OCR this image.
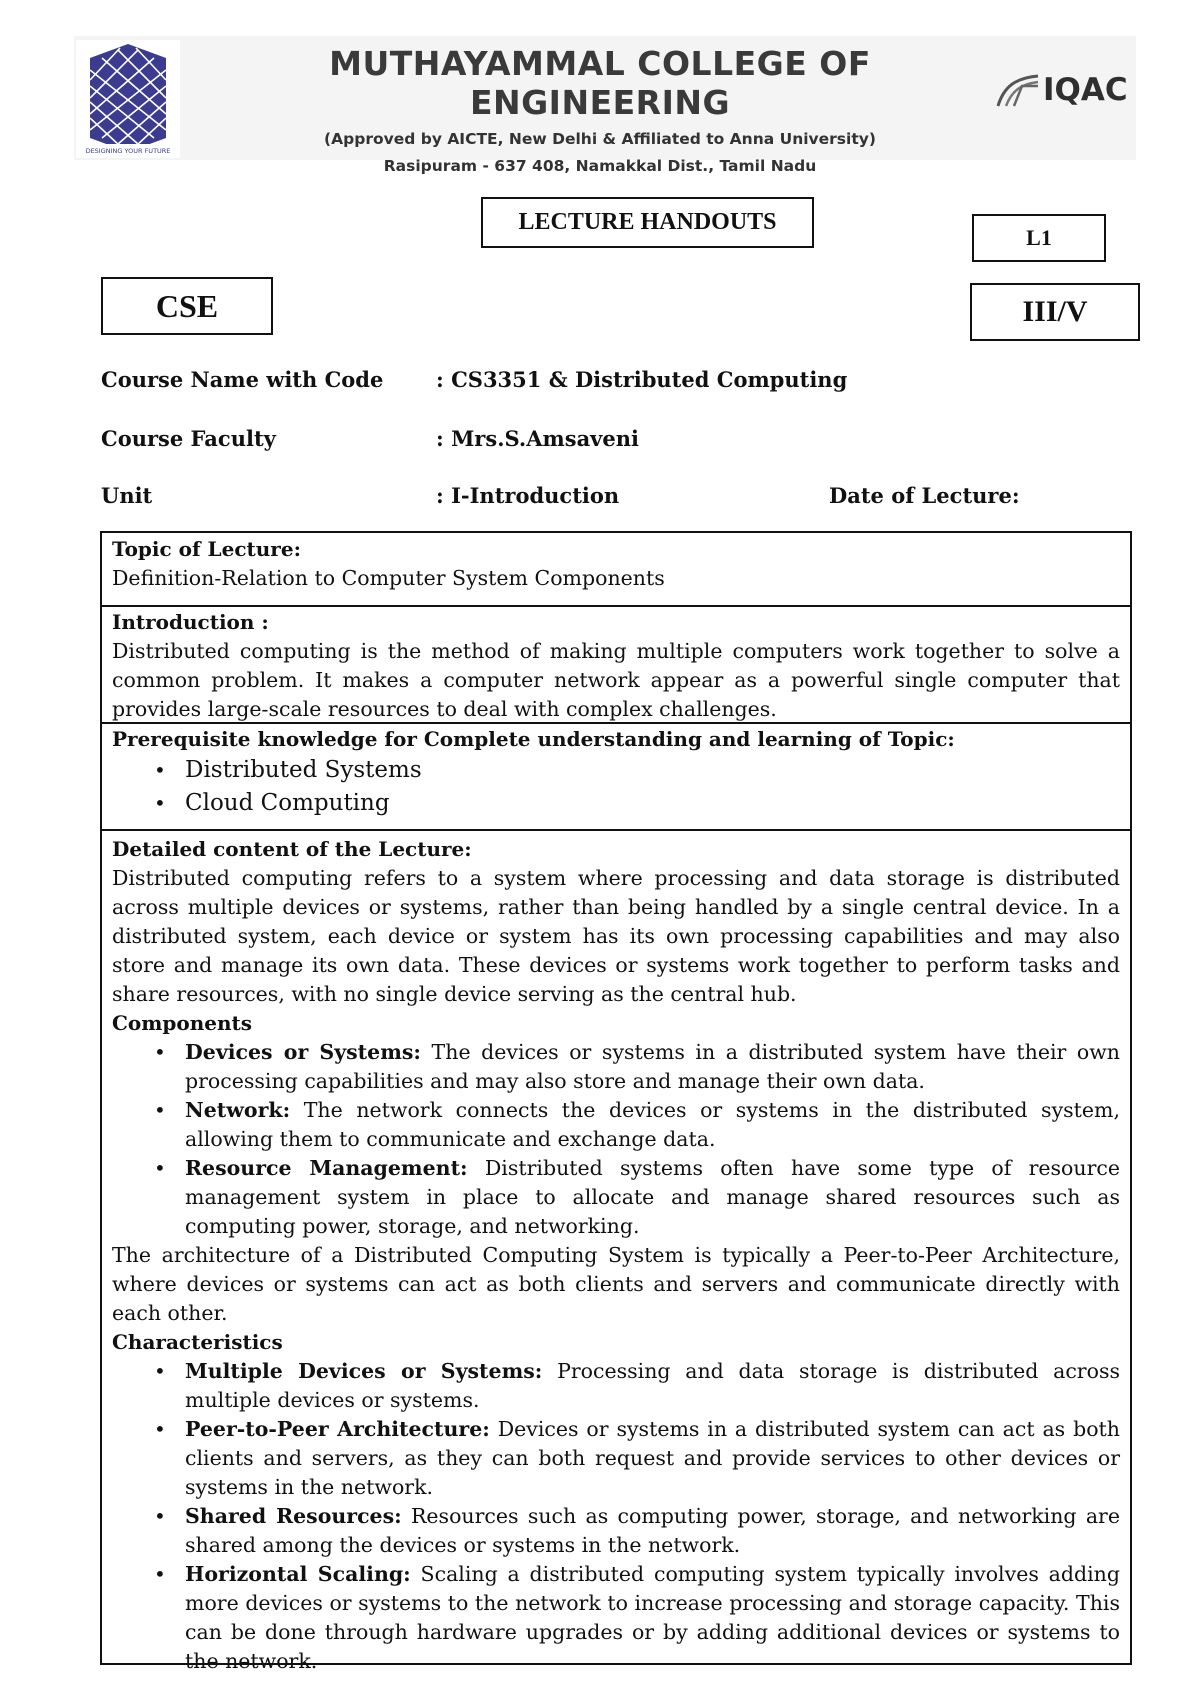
DESIGNING YOUR FUTURE
MUTHAYAMMAL COLLEGE OF ENGINEERING
(Approved by AICTE, New Delhi & Affiliated to Anna University)
Rasipuram - 637 408, Namakkal Dist., Tamil Nadu
IQAC
LECTURE HANDOUTS
L1
CSE	III/V
Course Name with Code	: CS3351 & Distributed Computing
Course Faculty	: Mrs.S.Amsaveni
Unit	: I-Introduction	Date of Lecture:
Topic of Lecture:
Definition-Relation to Computer System Components
Introduction :
Distributed computing is the method of making multiple computers work together to solve a common problem. It makes a computer network appear as a powerful single computer that provides large-scale resources to deal with complex challenges.
Prerequisite knowledge for Complete understanding and learning of Topic:
• Distributed Systems
• Cloud Computing
Detailed content of the Lecture:
Distributed computing refers to a system where processing and data storage is distributed across multiple devices or systems, rather than being handled by a single central device. In a distributed system, each device or system has its own processing capabilities and may also store and manage its own data. These devices or systems work together to perform tasks and share resources, with no single device serving as the central hub.
Components
• Devices or Systems: The devices or systems in a distributed system have their own processing capabilities and may also store and manage their own data.
• Network: The network connects the devices or systems in the distributed system, allowing them to communicate and exchange data.
• Resource Management: Distributed systems often have some type of resource management system in place to allocate and manage shared resources such as computing power, storage, and networking.
The architecture of a Distributed Computing System is typically a Peer-to-Peer Architecture, where devices or systems can act as both clients and servers and communicate directly with each other.
Characteristics
• Multiple Devices or Systems: Processing and data storage is distributed across multiple devices or systems.
• Peer-to-Peer Architecture: Devices or systems in a distributed system can act as both clients and servers, as they can both request and provide services to other devices or systems in the network.
• Shared Resources: Resources such as computing power, storage, and networking are shared among the devices or systems in the network.
• Horizontal Scaling: Scaling a distributed computing system typically involves adding more devices or systems to the network to increase processing and storage capacity. This can be done through hardware upgrades or by adding additional devices or systems to the network.
